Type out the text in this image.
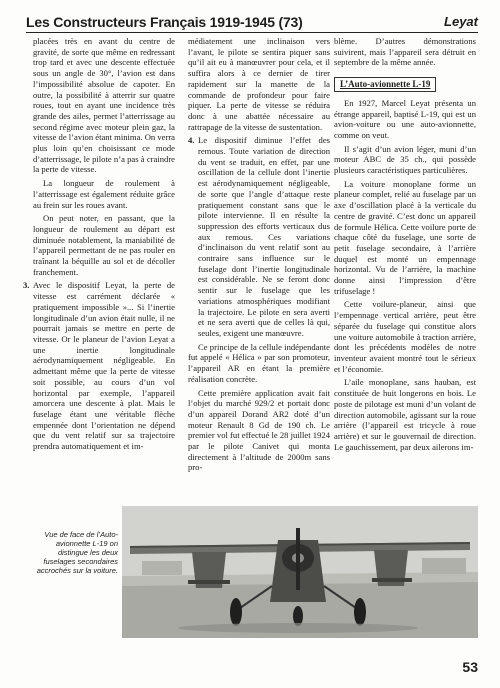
Les Constructeurs Français 1919-1945 (73)	Leyat

placées très en avant du centre de gravité, de sorte que même en redressant trop tard et avec une descente effectuée sous un angle de 30°, l’avion est dans l’impossibilité absolue de capoter. En outre, la possibilité à atterrir sur quatre roues, tout en ayant une incidence très grande des ailes, permet l’atterrissage au second régime avec moteur plein gaz, la vitesse de l’avion étant minima. On verra plus loin qu’en choisissant ce mode d’atterrissage, le pilote n’a pas à craindre la perte de vitesse.

La longueur de roulement à l’atterrissage est également réduite grâce au frein sur les roues avant.

On peut noter, en passant, que la longueur de roulement au départ est diminuée notablement, la maniabilité de l’appareil permettant de ne pas rouler en traînant la béquille au sol et de décoller franchement.

3. Avec le dispositif Leyat, la perte de vitesse est carrément déclarée « pratiquement impossible »... Si l’inertie longitudinale d’un avion était nulle, il ne pourrait jamais se mettre en perte de vitesse. Or le planeur de l’avion Leyat a une inertie longitudinale aérodynamiquement négligeable. En admettant même que la perte de vitesse soit possible, au cours d’un vol horizontal par exemple, l’appareil amorcera une descente à plat. Mais le fuselage étant une véritable flèche empennée dont l’orientation ne dépend que du vent relatif sur sa trajectoire prendra automatiquement et im-

médiatement une inclinaison vers l’avant, le pilote se sentira piquer sans qu’il ait eu à manœuvrer pour cela, et il suffira alors à ce dernier de tirer rapidement sur la manette de la commande de profondeur pour faire piquer. La perte de vitesse se réduira donc à une abattée nécessaire au rattrapage de la vitesse de sustentation.

4. Le dispositif diminue l’effet des remous. Toute variation de direction du vent se traduit, en effet, par une oscillation de la cellule dont l’inertie est aérodynamiquement négligeable, de sorte que l’angle d’attaque reste pratiquement constant sans que le pilote intervienne. Il en résulte la suppression des efforts verticaux dus aux remous. Ces variations d’inclinaison du vent relatif sont au contraire sans influence sur le fuselage dont l’inertie longitudinale est considérable. Ne se feront donc sentir sur le fuselage que les variations atmosphériques modifiant la trajectoire. Le pilote en sera averti et ne sera averti que de celles là qui, seules, exigent une manœuvre.

Ce principe de la cellule indépendante fut appelé « Hélica » par son promoteur, l’appareil AR en étant la première réalisation concrète.

Cette première application avait fait l’objet du marché 929/2 et portait donc d’un appareil Dorand AR2 doté d’un moteur Renault 8 Gd de 190 ch. Le premier vol fut effectué le 28 juillet 1924 par le pilote Canivet qui monta directement à l’altitude de 2000m sans pro-

blème. D’autres démonstrations suivirent, mais l’appareil sera détruit en septembre de la même année.

L’Auto-avionnette L-19

En 1927, Marcel Leyat présenta un étrange appareil, baptisé L-19, qui est un avion-voiture ou une auto-avionnette, comme on veut.

Il s’agit d’un avion léger, muni d’un moteur ABC de 35 ch., qui possède plusieurs caractéristiques particulières.

La voiture monoplane forme un planeur complet, relié au fuselage par un axe d’oscillation placé à la verticale du centre de gravité. C’est donc un appareil de formule Hélica. Cette voilure porte de chaque côté du fuselage, une sorte de petit fuselage secondaire, à l’arrière duquel est monté un empennage horizontal. Vu de l’arrière, la machine donne ainsi l’impression d’être trifuselage !

Cette voilure-planeur, ainsi que l’empennage vertical arrière, peut être séparée du fuselage qui constitue alors une voiture automobile à traction arrière, dont les précédents modèles de notre inventeur avaient montré tout le sérieux et l’économie.

L’aile monoplane, sans hauban, est constituée de huit longerons en bois. Le poste de pilotage est muni d’un volant de direction automobile, agissant sur la roue arrière (l’appareil est tricycle à roue arrière) et sur le gouvernail de direction. Le gauchissement, par deux ailerons im-

Vue de face de l’Auto-avionnette L-19 on distingue les deux fuselages secondaires accrochés sur la voiture.
53
